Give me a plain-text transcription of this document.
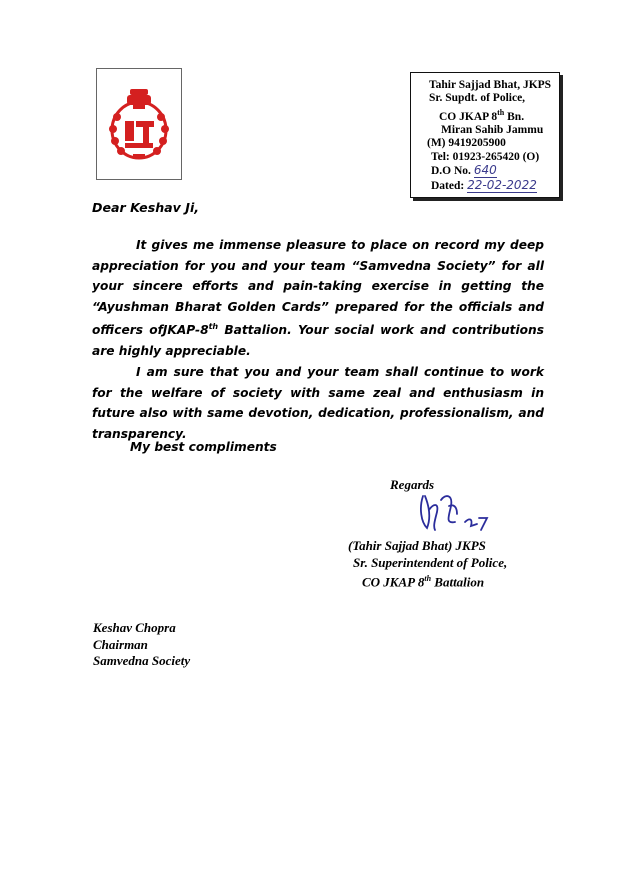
Tahir Sajjad Bhat, JKPS
Sr. Supdt. of Police,
CO JKAP 8th Bn.
Miran Sahib Jammu
(M) 9419205900
Tel: 01923-265420 (O)
D.O No. 640
Dated: 22-02-2022
Dear Keshav Ji,
It gives me immense pleasure to place on record my deep appreciation for you and your team “Samvedna Society” for all your sincere efforts and pain-taking exercise in getting the “Ayushman Bharat Golden Cards” prepared for the officials and officers ofJKAP-8th Battalion. Your social work and contributions are highly appreciable.
I am sure that you and your team shall continue to work for the welfare of society with same zeal and enthusiasm in future also with same devotion, dedication, professionalism, and transparency.
My best compliments
Regards
(Tahir Sajjad Bhat) JKPS
Sr. Superintendent of Police,
CO JKAP 8th Battalion
Keshav Chopra
Chairman
Samvedna Society
